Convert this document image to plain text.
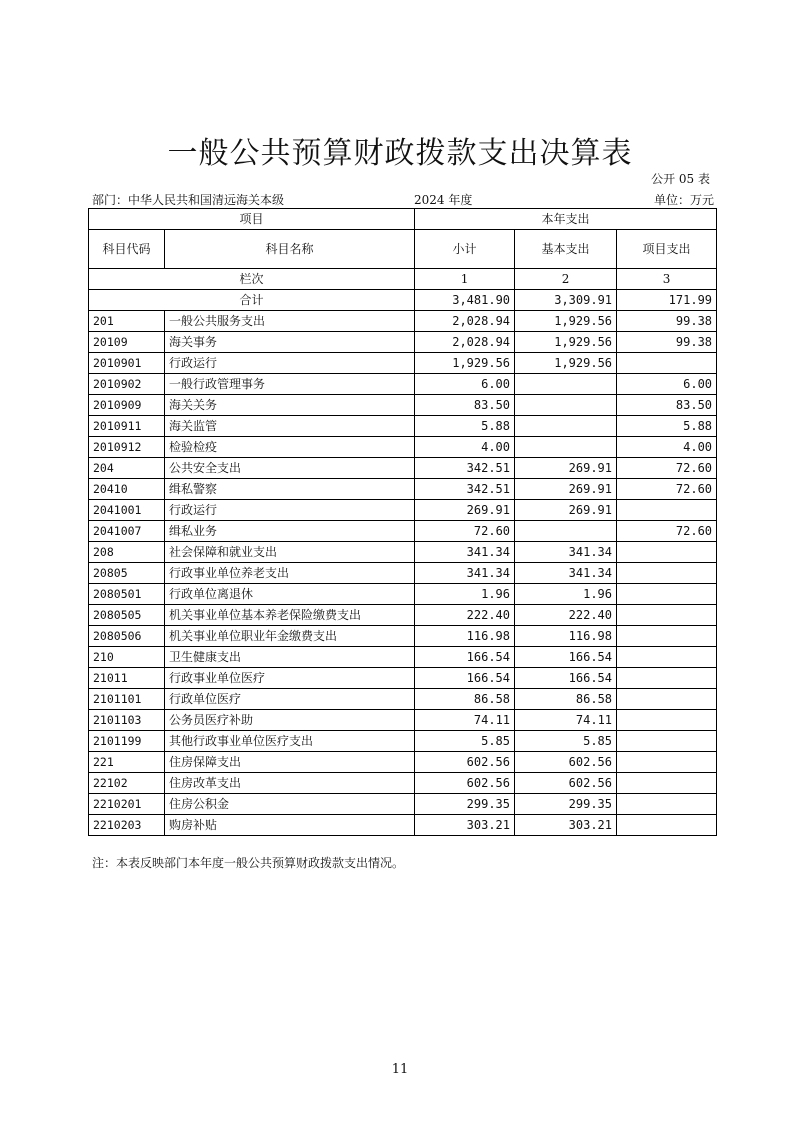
一般公共预算财政拨款支出决算表
公开 05 表
部门：中华人民共和国清远海关本级	2024 年度	单位：万元
项目		本年支出		
科目代码	科目名称	小计	基本支出	项目支出
栏次		1	2	3
合计		3,481.90	3,309.91	171.99
201	一般公共服务支出	2,028.94	1,929.56	99.38
20109	海关事务	2,028.94	1,929.56	99.38
2010901	行政运行	1,929.56	1,929.56	
2010902	一般行政管理事务	6.00		6.00
2010909	海关关务	83.50		83.50
2010911	海关监管	5.88		5.88
2010912	检验检疫	4.00		4.00
204	公共安全支出	342.51	269.91	72.60
20410	缉私警察	342.51	269.91	72.60
2041001	行政运行	269.91	269.91	
2041007	缉私业务	72.60		72.60
208	社会保障和就业支出	341.34	341.34	
20805	行政事业单位养老支出	341.34	341.34	
2080501	行政单位离退休	1.96	1.96	
2080505	机关事业单位基本养老保险缴费支出	222.40	222.40	
2080506	机关事业单位职业年金缴费支出	116.98	116.98	
210	卫生健康支出	166.54	166.54	
21011	行政事业单位医疗	166.54	166.54	
2101101	行政单位医疗	86.58	86.58	
2101103	公务员医疗补助	74.11	74.11	
2101199	其他行政事业单位医疗支出	5.85	5.85	
221	住房保障支出	602.56	602.56	
22102	住房改革支出	602.56	602.56	
2210201	住房公积金	299.35	299.35	
2210203	购房补贴	303.21	303.21	
注：本表反映部门本年度一般公共预算财政拨款支出情况。
11
